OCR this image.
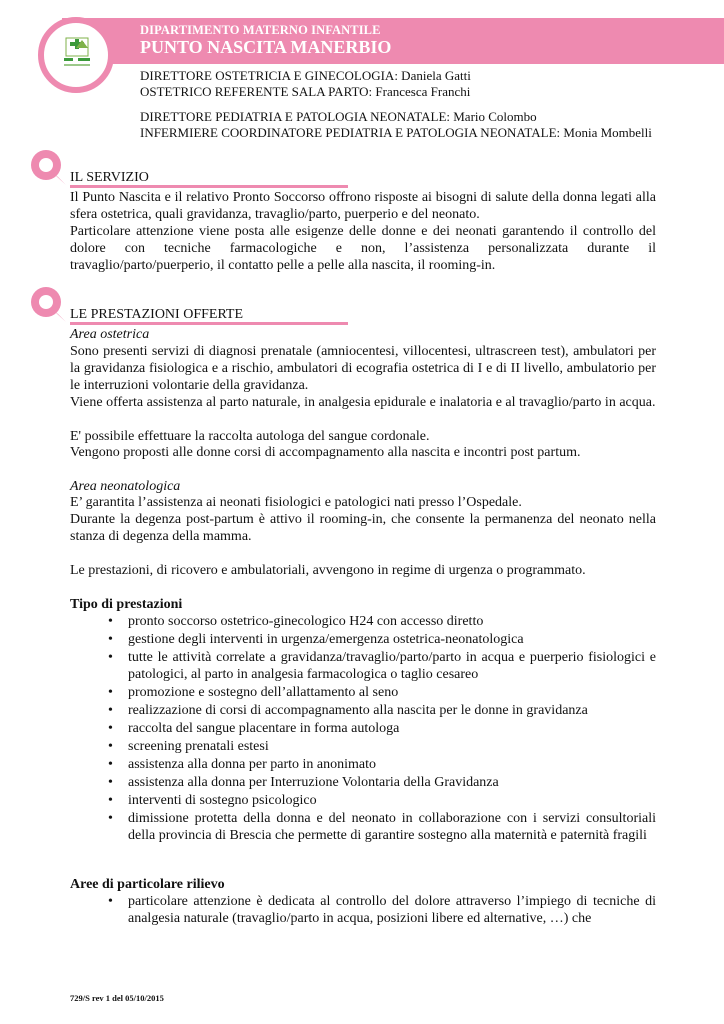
DIPARTIMENTO MATERNO INFANTILE
PUNTO NASCITA MANERBIO
DIRETTORE OSTETRICIA E GINECOLOGIA: Daniela Gatti
OSTETRICO REFERENTE SALA PARTO: Francesca Franchi
DIRETTORE PEDIATRIA E PATOLOGIA NEONATALE: Mario Colombo
INFERMIERE COORDINATORE PEDIATRIA E PATOLOGIA NEONATALE: Monia Mombelli
IL SERVIZIO
Il Punto Nascita e il relativo Pronto Soccorso offrono risposte ai bisogni di salute della donna legati alla sfera ostetrica, quali gravidanza, travaglio/parto, puerperio e del neonato.
Particolare attenzione viene posta alle esigenze delle donne e dei neonati garantendo il controllo del dolore con tecniche farmacologiche e non, l’assistenza personalizzata durante il travaglio/parto/puerperio, il contatto pelle a pelle alla nascita, il rooming-in.
LE PRESTAZIONI OFFERTE
Area ostetrica
Sono presenti servizi di diagnosi prenatale (amniocentesi, villocentesi, ultrascreen test), ambulatori per la gravidanza fisiologica e a rischio, ambulatori di ecografia ostetrica di I e di II livello, ambulatorio per le interruzioni volontarie della gravidanza.
Viene offerta assistenza al parto naturale, in analgesia epidurale e inalatoria e al travaglio/parto in acqua.
E' possibile effettuare la raccolta autologa del sangue cordonale.
Vengono proposti alle donne corsi di accompagnamento alla nascita e incontri post partum.
Area neonatologica
E’ garantita l’assistenza ai neonati fisiologici e patologici nati presso l’Ospedale.
Durante la degenza post-partum è attivo il rooming-in, che consente la permanenza del neonato nella stanza di degenza della mamma.
Le prestazioni, di ricovero e ambulatoriali, avvengono in regime di urgenza o programmato.
Tipo di prestazioni
• pronto soccorso ostetrico-ginecologico H24 con accesso diretto
• gestione degli interventi in urgenza/emergenza ostetrica-neonatologica
• tutte le attività correlate a gravidanza/travaglio/parto/parto in acqua e puerperio fisiologici e patologici, al parto in analgesia farmacologica o taglio cesareo
• promozione e sostegno dell’allattamento al seno
• realizzazione di corsi di accompagnamento alla nascita per le donne in gravidanza
• raccolta del sangue placentare in forma autologa
• screening prenatali estesi
• assistenza alla donna per parto in anonimato
• assistenza alla donna per Interruzione Volontaria della Gravidanza
• interventi di sostegno psicologico
• dimissione protetta della donna e del neonato in collaborazione con i servizi consultoriali della provincia di Brescia che permette di garantire sostegno alla maternità e paternità fragili
Aree di particolare rilievo
• particolare attenzione è dedicata al controllo del dolore attraverso l’impiego di tecniche di analgesia naturale (travaglio/parto in acqua, posizioni libere ed alternative, …) che
729/S rev 1 del 05/10/2015
